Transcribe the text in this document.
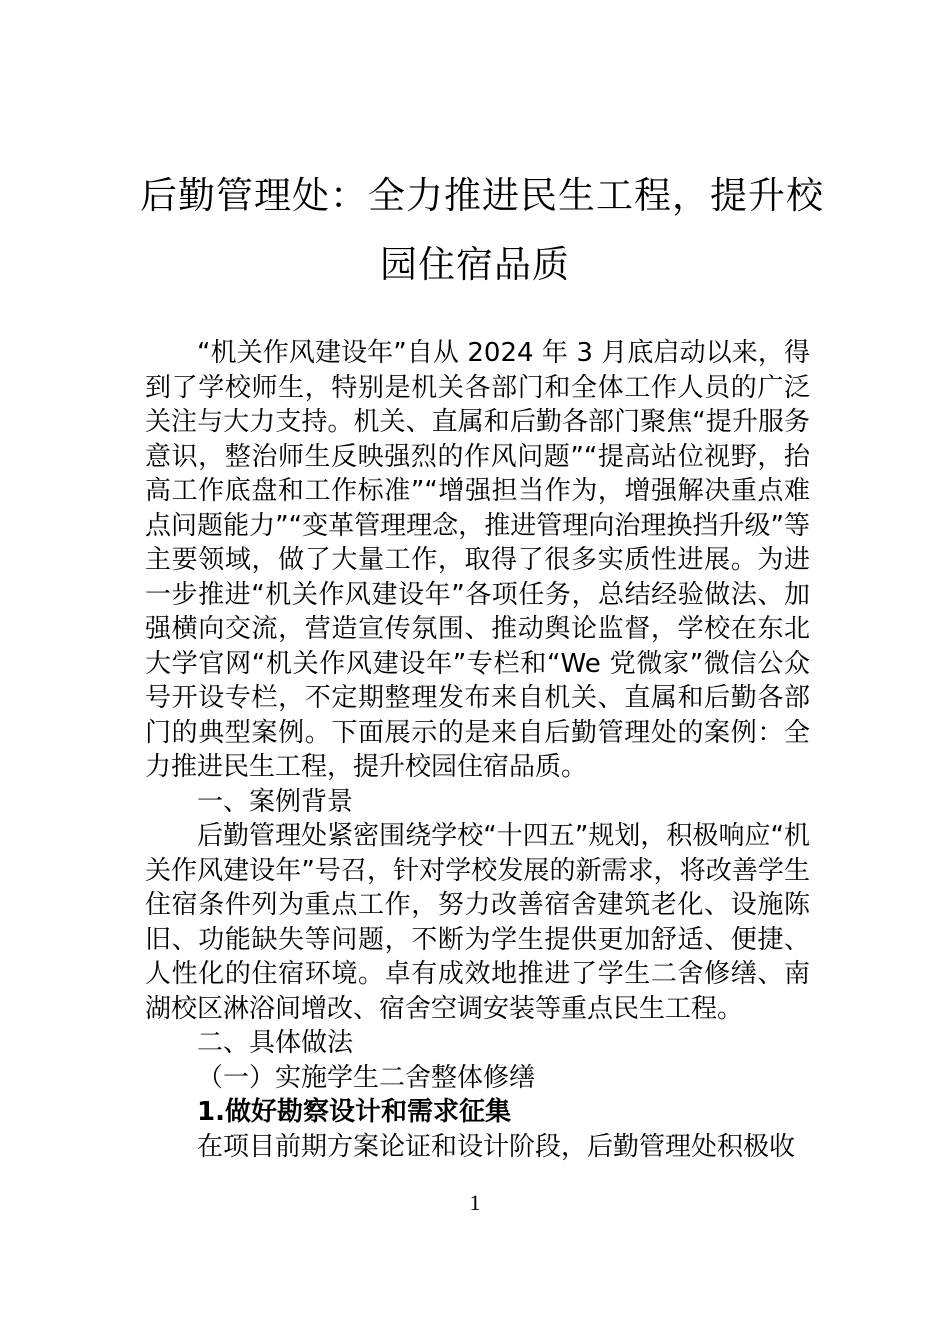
后勤管理处：全力推进民生工程，提升校
园住宿品质

“机关作风建设年”自从 2024 年 3 月底启动以来，得到了学校师生，特别是机关各部门和全体工作人员的广泛关注与大力支持。机关、直属和后勤各部门聚焦“提升服务意识，整治师生反映强烈的作风问题”“提高站位视野，抬高工作底盘和工作标准”“增强担当作为，增强解决重点难点问题能力”“变革管理理念，推进管理向治理换挡升级”等主要领域，做了大量工作，取得了很多实质性进展。为进一步推进“机关作风建设年”各项任务，总结经验做法、加强横向交流，营造宣传氛围、推动舆论监督，学校在东北大学官网“机关作风建设年”专栏和“We 党微家”微信公众号开设专栏，不定期整理发布来自机关、直属和后勤各部门的典型案例。下面展示的是来自后勤管理处的案例：全力推进民生工程，提升校园住宿品质。

一、案例背景

后勤管理处紧密围绕学校“十四五”规划，积极响应“机关作风建设年”号召，针对学校发展的新需求，将改善学生住宿条件列为重点工作，努力改善宿舍建筑老化、设施陈旧、功能缺失等问题，不断为学生提供更加舒适、便捷、人性化的住宿环境。卓有成效地推进了学生二舍修缮、南湖校区淋浴间增改、宿舍空调安装等重点民生工程。

二、具体做法

（一）实施学生二舍整体修缮

1.做好勘察设计和需求征集

在项目前期方案论证和设计阶段，后勤管理处积极收

1
